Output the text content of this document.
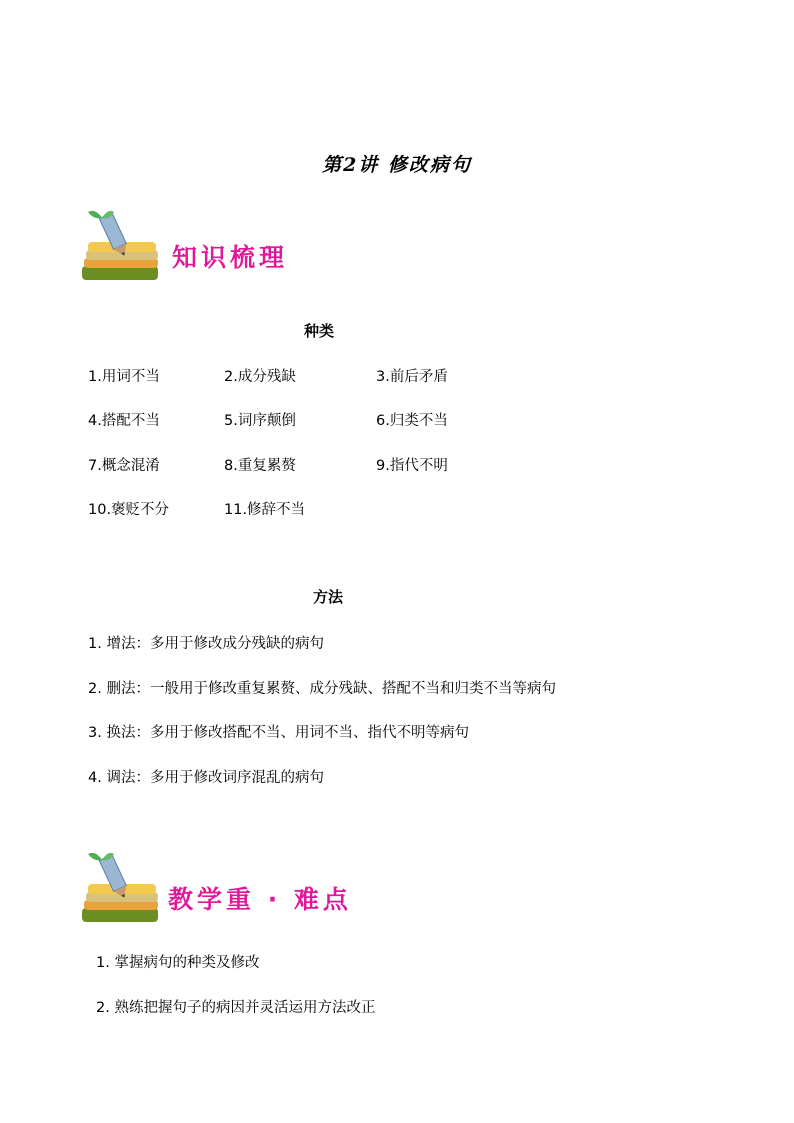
第2讲 修改病句
知识梳理
种类
1.用词不当	2.成分残缺	3.前后矛盾
4.搭配不当	5.词序颠倒	6.归类不当
7.概念混淆	8.重复累赘	9.指代不明
10.褒贬不分	11.修辞不当
方法
1. 增法：多用于修改成分残缺的病句
2. 删法：一般用于修改重复累赘、成分残缺、搭配不当和归类不当等病句
3. 换法：多用于修改搭配不当、用词不当、指代不明等病句
4. 调法：多用于修改词序混乱的病句
教学重 · 难点
1. 掌握病句的种类及修改
2. 熟练把握句子的病因并灵活运用方法改正
